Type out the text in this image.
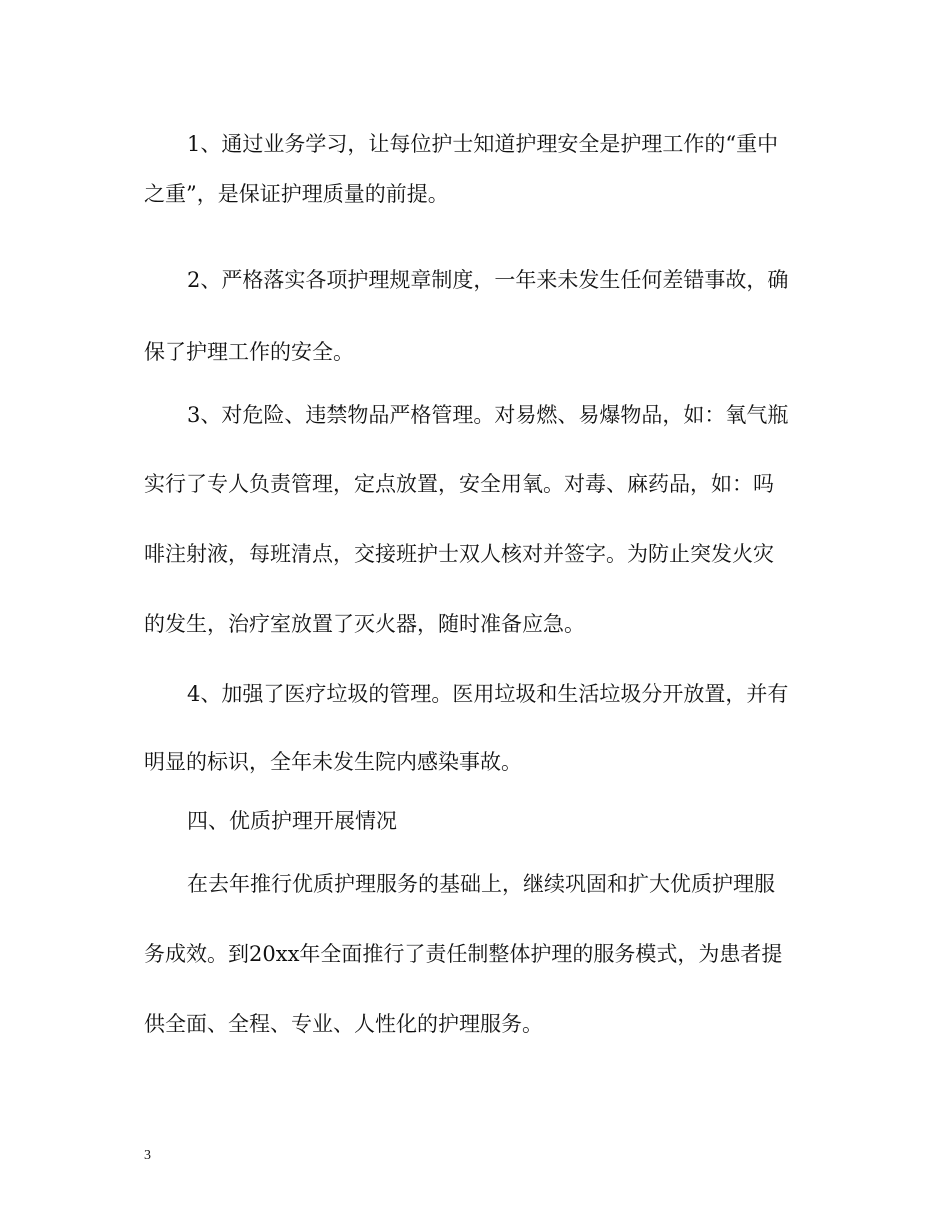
1、通过业务学习，让每位护士知道护理安全是护理工作的“重中
之重”，是保证护理质量的前提。
2、严格落实各项护理规章制度，一年来未发生任何差错事故，确
保了护理工作的安全。
3、对危险、违禁物品严格管理。对易燃、易爆物品，如：氧气瓶
实行了专人负责管理，定点放置，安全用氧。对毒、麻药品，如：吗
啡注射液，每班清点，交接班护士双人核对并签字。为防止突发火灾
的发生，治疗室放置了灭火器，随时准备应急。
4、加强了医疗垃圾的管理。医用垃圾和生活垃圾分开放置，并有
明显的标识，全年未发生院内感染事故。
四、优质护理开展情况
在去年推行优质护理服务的基础上，继续巩固和扩大优质护理服
务成效。到20xx年全面推行了责任制整体护理的服务模式，为患者提
供全面、全程、专业、人性化的护理服务。
3
